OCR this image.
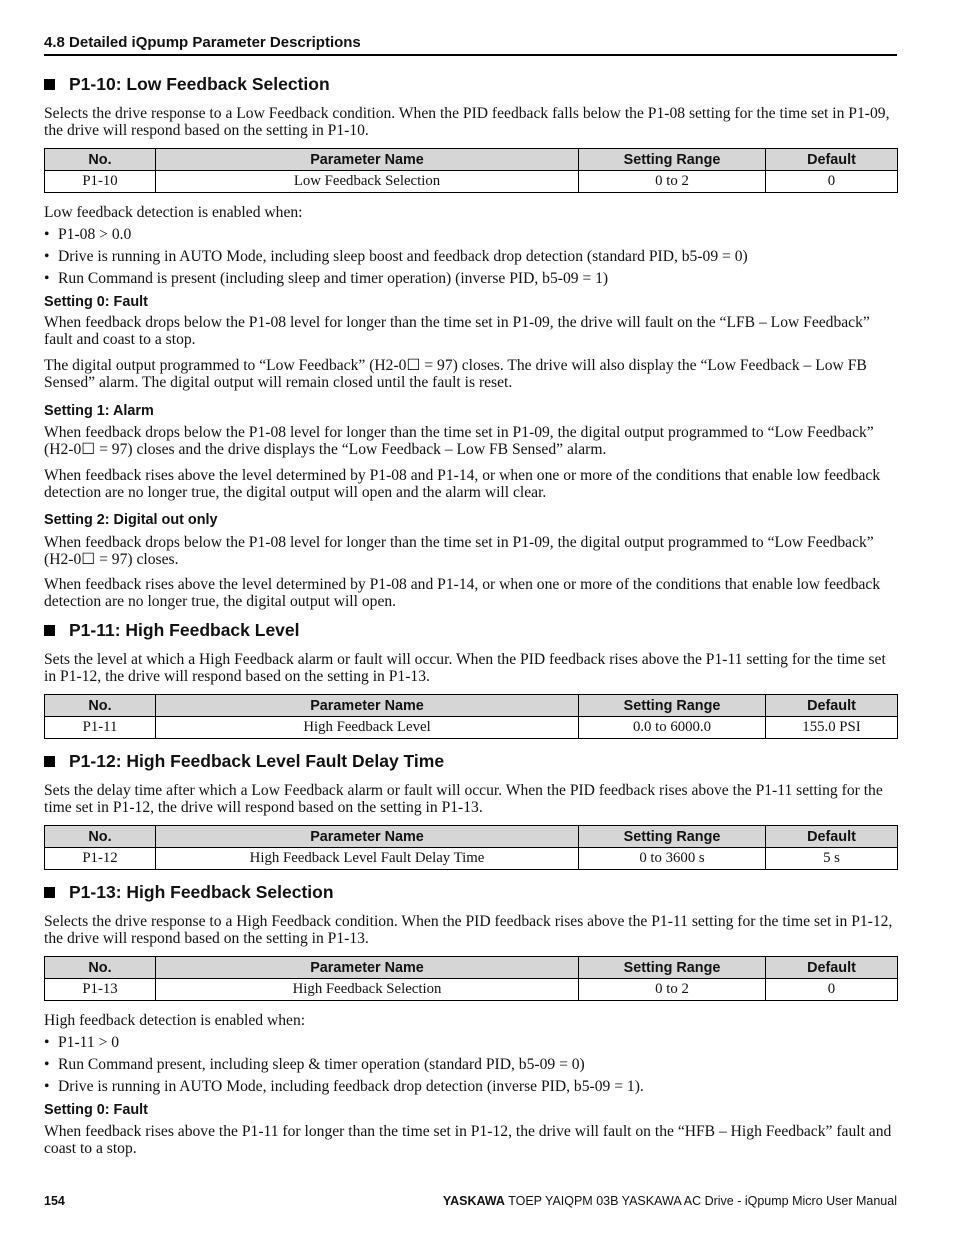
4.8 Detailed iQpump Parameter Descriptions
P1-10: Low Feedback Selection
Selects the drive response to a Low Feedback condition. When the PID feedback falls below the P1-08 setting for the time set in P1-09, the drive will respond based on the setting in P1-10.
No.	Parameter Name	Setting Range	Default
P1-10	Low Feedback Selection	0 to 2	0
Low feedback detection is enabled when:
• P1-08 > 0.0
• Drive is running in AUTO Mode, including sleep boost and feedback drop detection (standard PID, b5-09 = 0)
• Run Command is present (including sleep and timer operation) (inverse PID, b5-09 = 1)
Setting 0: Fault
When feedback drops below the P1-08 level for longer than the time set in P1-09, the drive will fault on the “LFB – Low Feedback” fault and coast to a stop.
The digital output programmed to “Low Feedback” (H2-0☐ = 97) closes. The drive will also display the “Low Feedback – Low FB Sensed” alarm. The digital output will remain closed until the fault is reset.
Setting 1: Alarm
When feedback drops below the P1-08 level for longer than the time set in P1-09, the digital output programmed to “Low Feedback” (H2-0☐ = 97) closes and the drive displays the “Low Feedback – Low FB Sensed” alarm.
When feedback rises above the level determined by P1-08 and P1-14, or when one or more of the conditions that enable low feedback detection are no longer true, the digital output will open and the alarm will clear.
Setting 2: Digital out only
When feedback drops below the P1-08 level for longer than the time set in P1-09, the digital output programmed to “Low Feedback” (H2-0☐ = 97) closes.
When feedback rises above the level determined by P1-08 and P1-14, or when one or more of the conditions that enable low feedback detection are no longer true, the digital output will open.
P1-11: High Feedback Level
Sets the level at which a High Feedback alarm or fault will occur. When the PID feedback rises above the P1-11 setting for the time set in P1-12, the drive will respond based on the setting in P1-13.
No.	Parameter Name	Setting Range	Default
P1-11	High Feedback Level	0.0 to 6000.0	155.0 PSI
P1-12: High Feedback Level Fault Delay Time
Sets the delay time after which a Low Feedback alarm or fault will occur. When the PID feedback rises above the P1-11 setting for the time set in P1-12, the drive will respond based on the setting in P1-13.
No.	Parameter Name	Setting Range	Default
P1-12	High Feedback Level Fault Delay Time	0 to 3600 s	5 s
P1-13: High Feedback Selection
Selects the drive response to a High Feedback condition. When the PID feedback rises above the P1-11 setting for the time set in P1-12, the drive will respond based on the setting in P1-13.
No.	Parameter Name	Setting Range	Default
P1-13	High Feedback Selection	0 to 2	0
High feedback detection is enabled when:
• P1-11 > 0
• Run Command present, including sleep & timer operation (standard PID, b5-09 = 0)
• Drive is running in AUTO Mode, including feedback drop detection (inverse PID, b5-09 = 1).
Setting 0: Fault
When feedback rises above the P1-11 for longer than the time set in P1-12, the drive will fault on the “HFB – High Feedback” fault and coast to a stop.
154	YASKAWA TOEP YAIQPM 03B YASKAWA AC Drive - iQpump Micro User Manual
